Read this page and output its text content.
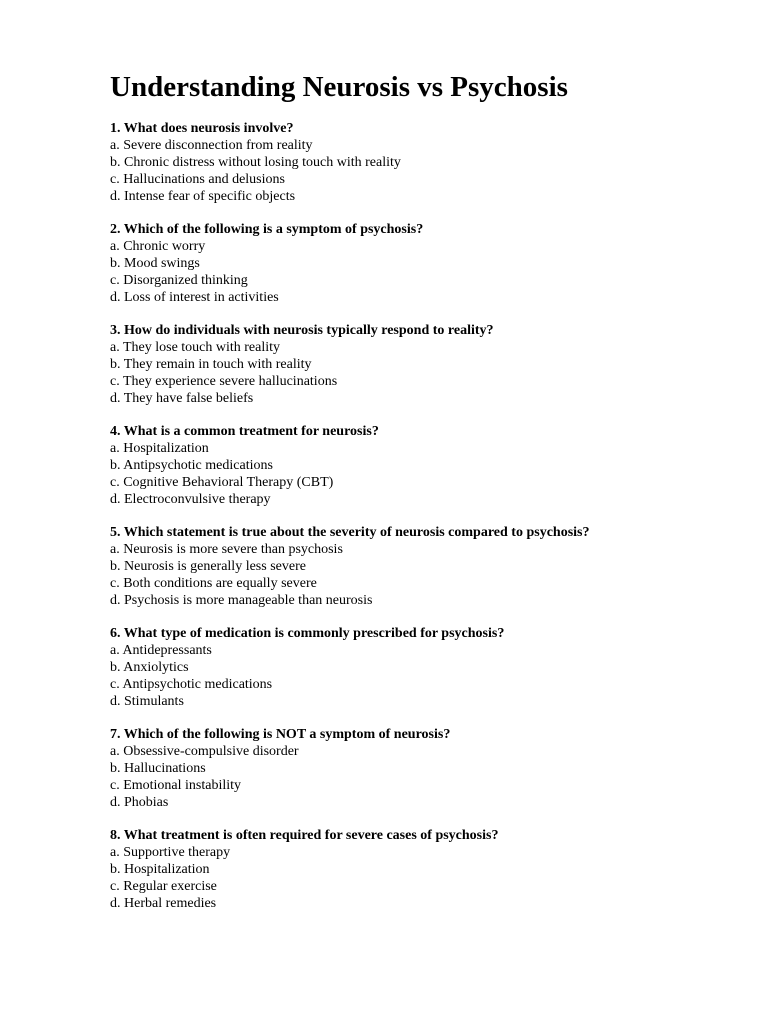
Understanding Neurosis vs Psychosis
1. What does neurosis involve?
a. Severe disconnection from reality
b. Chronic distress without losing touch with reality
c. Hallucinations and delusions
d. Intense fear of specific objects
2. Which of the following is a symptom of psychosis?
a. Chronic worry
b. Mood swings
c. Disorganized thinking
d. Loss of interest in activities
3. How do individuals with neurosis typically respond to reality?
a. They lose touch with reality
b. They remain in touch with reality
c. They experience severe hallucinations
d. They have false beliefs
4. What is a common treatment for neurosis?
a. Hospitalization
b. Antipsychotic medications
c. Cognitive Behavioral Therapy (CBT)
d. Electroconvulsive therapy
5. Which statement is true about the severity of neurosis compared to psychosis?
a. Neurosis is more severe than psychosis
b. Neurosis is generally less severe
c. Both conditions are equally severe
d. Psychosis is more manageable than neurosis
6. What type of medication is commonly prescribed for psychosis?
a. Antidepressants
b. Anxiolytics
c. Antipsychotic medications
d. Stimulants
7. Which of the following is NOT a symptom of neurosis?
a. Obsessive-compulsive disorder
b. Hallucinations
c. Emotional instability
d. Phobias
8. What treatment is often required for severe cases of psychosis?
a. Supportive therapy
b. Hospitalization
c. Regular exercise
d. Herbal remedies
